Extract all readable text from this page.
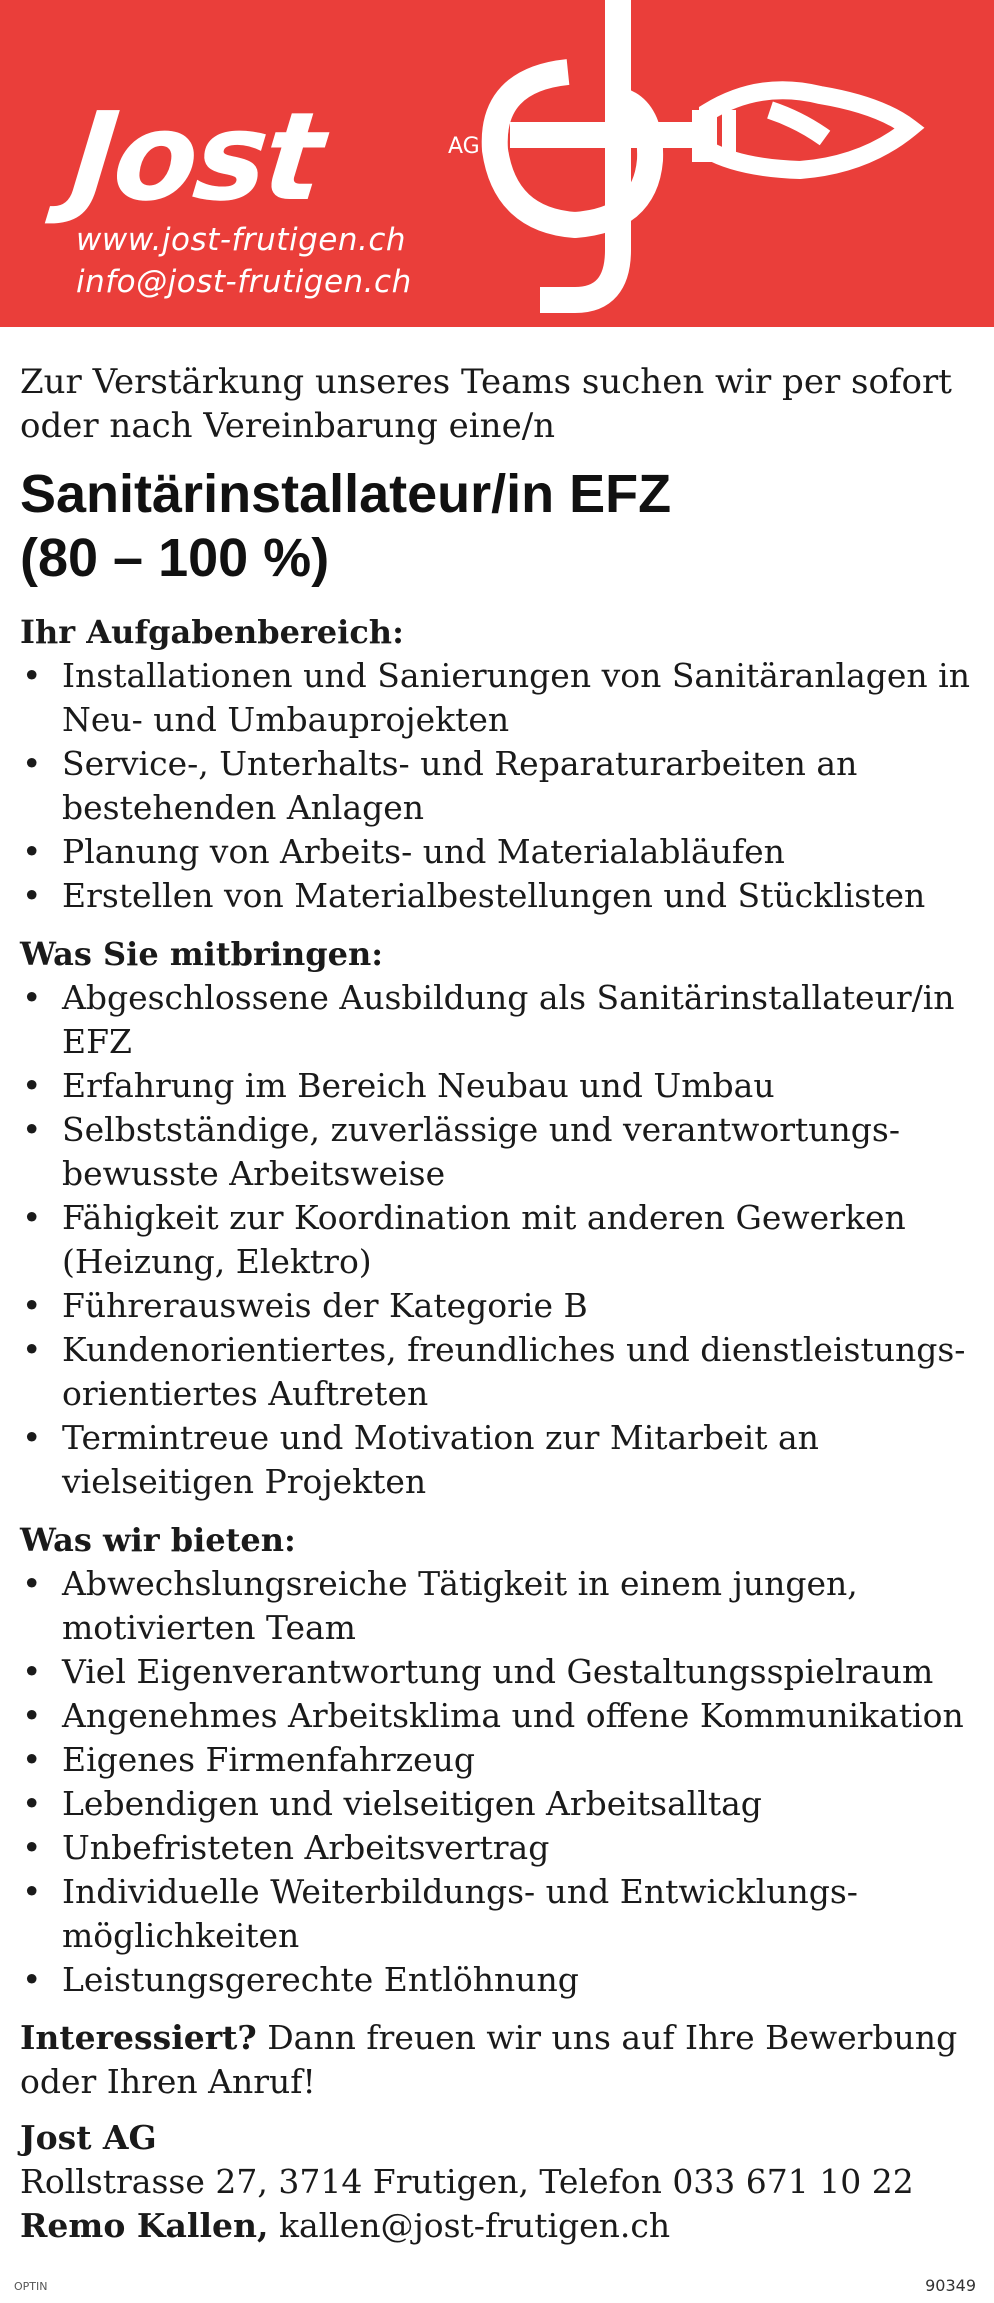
Jost	AG
www.jost-frutigen.ch
info@jost-frutigen.ch

Zur Verstärkung unseres Teams suchen wir per sofort oder nach Vereinbarung eine/n

Sanitärinstallateur/in EFZ
(80 – 100 %)
Ihr Aufgabenbereich:
• Installationen und Sanierungen von Sanitäranlagen in Neu- und Umbauprojekten
• Service-, Unterhalts- und Reparaturarbeiten an bestehenden Anlagen
• Planung von Arbeits- und Materialabläufen
• Erstellen von Materialbestellungen und Stücklisten
Was Sie mitbringen:
• Abgeschlossene Ausbildung als Sanitärinstallateur/in EFZ
• Erfahrung im Bereich Neubau und Umbau
• Selbstständige, zuverlässige und verantwortungsbewusste Arbeitsweise
• Fähigkeit zur Koordination mit anderen Gewerken (Heizung, Elektro)
• Führerausweis der Kategorie B
• Kundenorientiertes, freundliches und dienstleistungsorientiertes Auftreten
• Termintreue und Motivation zur Mitarbeit an vielseitigen Projekten
Was wir bieten:
• Abwechslungsreiche Tätigkeit in einem jungen, motivierten Team
• Viel Eigenverantwortung und Gestaltungsspielraum
• Angenehmes Arbeitsklima und offene Kommunikation
• Eigenes Firmenfahrzeug
• Lebendigen und vielseitigen Arbeitsalltag
• Unbefristeten Arbeitsvertrag
• Individuelle Weiterbildungs- und Entwicklungsmöglichkeiten
• Leistungsgerechte Entlöhnung

Interessiert? Dann freuen wir uns auf Ihre Bewerbung oder Ihren Anruf!

Jost AG

Rollstrasse 27, 3714 Frutigen, Telefon 033 671 10 22

Remo Kallen, kallen@jost-frutigen.ch

OPTIN	90349
